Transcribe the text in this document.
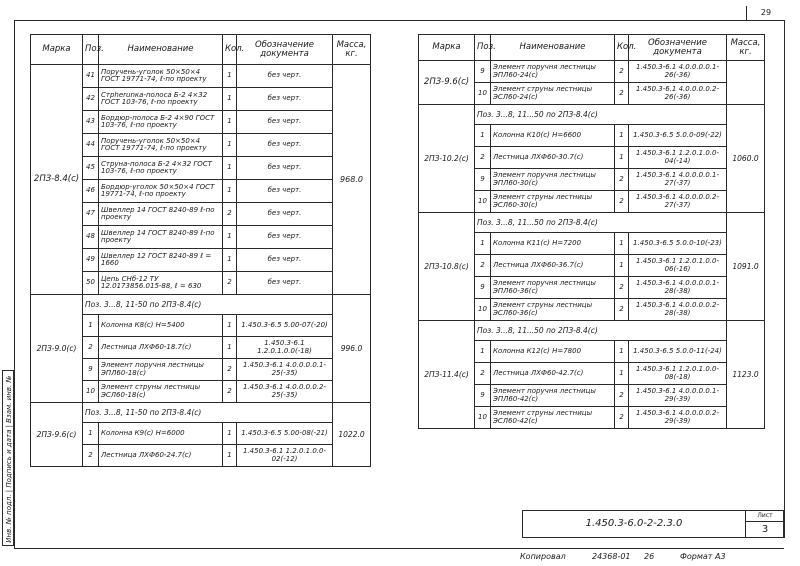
29
Инв. № подл. | Подпись и дата | Взам. инв. №
Марка	Поз.	Наименование	Кол.	Обозначение документа	Масса, кг.
2ПЗ-8.4(с)	41	Поручень-уголок 50×50×4 ГОСТ 19771-74, ℓ-по проекту	1	без черт.	968.0
	42	Стрherunка-полоса Б-2 4×32 ГОСТ 103-76, ℓ-по проекту	1	без черт.	
	43	Бордюр-полоса Б-2 4×90 ГОСТ 103-76, ℓ-по проекту	1	без черт.	
	44	Поручень-уголок 50×50×4 ГОСТ 19771-74, ℓ-по проекту	1	без черт.	
	45	Струна-полоса Б-2 4×32 ГОСТ 103-76, ℓ-по проекту	1	без черт.	
	46	Бордюр-уголок 50×50×4 ГОСТ 19771-74, ℓ-по проекту	1	без черт.	
	47	Швеллер 14 ГОСТ 8240-89 ℓ-по проекту	2	без черт.	
	48	Швеллер 14 ГОСТ 8240-89 ℓ-по проекту	1	без черт.	
	49	Швеллер 12 ГОСТ 8240-89 ℓ = 1660	1	без черт.	
	50	Цепь СНб-12 ТУ 12.0173856.015-88, ℓ = 630	2	без черт.	
2ПЗ-9.0(с)	Поз. 3...8, 11-50 по 2ПЗ-8.4(с)				996.0
	1	Колонна К8(с) Н=5400	1	1.450.3-6.5 5.00-07(-20)	
	2	Лестница ЛХФ60-18.7(с)	1	1.450.3-6.1 1.2.0.1.0.0(-18)	
	9	Элемент поручня лестницы ЭПЛ60-18(с)	2	1.450.3-6.1 4.0.0.0.0.1-25(-35)	
	10	Элемент струны лестницы ЭСЛ60-18(с)	2	1.450.3-6.1 4.0.0.0.0.2-25(-35)	
2ПЗ-9.6(с)	Поз. 3...8, 11-50 по 2ПЗ-8.4(с)				1022.0
	1	Колонна К9(с) Н=6000	1	1.450.3-6.5 5.00-08(-21)	
	2	Лестница ЛХФ60-24.7(с)	1	1.450.3-6.1 1.2.0.1.0.0-02(-12)	
Марка	Поз.	Наименование	Кол.	Обозначение документа	Масса, кг.
2ПЗ-9.6(с)	9	Элемент поручня лестницы ЭПЛ60-24(с)	2	1.450.3-6.1 4.0.0.0.0.1-26(-36)	
	10	Элемент струны лестницы ЭСЛ60-24(с)	2	1.450.3-6.1 4.0.0.0.0.2-26(-36)	
2ПЗ-10.2(с)	Поз. 3...8, 11...50 по 2ПЗ-8.4(с)				1060.0
	1	Колонна К10(с) Н=6600	1	1.450.3-6.5 5.0.0-09(-22)	
	2	Лестница ЛХФ60-30.7(с)	1	1.450.3-6.1 1.2.0.1.0.0-04(-14)	
	9	Элемент поручня лестницы ЭПЛ60-30(с)	2	1.450.3-6.1 4.0.0.0.0.1-27(-37)	
	10	Элемент струны лестницы ЭСЛ60-30(с)	2	1.450.3-6.1 4.0.0.0.0.2-27(-37)	
2ПЗ-10.8(с)	Поз. 3...8, 11...50 по 2ПЗ-8.4(с)				1091.0
	1	Колонна К11(с) Н=7200	1	1.450.3-6.5 5.0.0-10(-23)	
	2	Лестница ЛХФ60-36.7(с)	1	1.450.3-6.1 1.2.0.1.0.0-06(-16)	
	9	Элемент поручня лестницы ЭПЛ60-36(с)	2	1.450.3-6.1 4.0.0.0.0.1-28(-38)	
	10	Элемент струны лестницы ЭСЛ60-36(с)	2	1.450.3-6.1 4.0.0.0.0.2-28(-38)	
2ПЗ-11.4(с)	Поз. 3...8, 11...50 по 2ПЗ-8.4(с)				1123.0
	1	Колонна К12(с) Н=7800	1	1.450.3-6.5 5.0.0-11(-24)	
	2	Лестница ЛХФ60-42.7(с)	1	1.450.3-6.1 1.2.0.1.0.0-08(-18)	
	9	Элемент поручня лестницы ЭПЛ60-42(с)	2	1.450.3-6.1 4.0.0.0.0.1-29(-39)	
	10	Элемент струны лестницы ЭСЛ60-42(с)	2	1.450.3-6.1 4.0.0.0.0.2-29(-39)	
1.450.3-6.0-2-2.3.0
Лист
3
Копировал	24368-01 26	Формат А3
